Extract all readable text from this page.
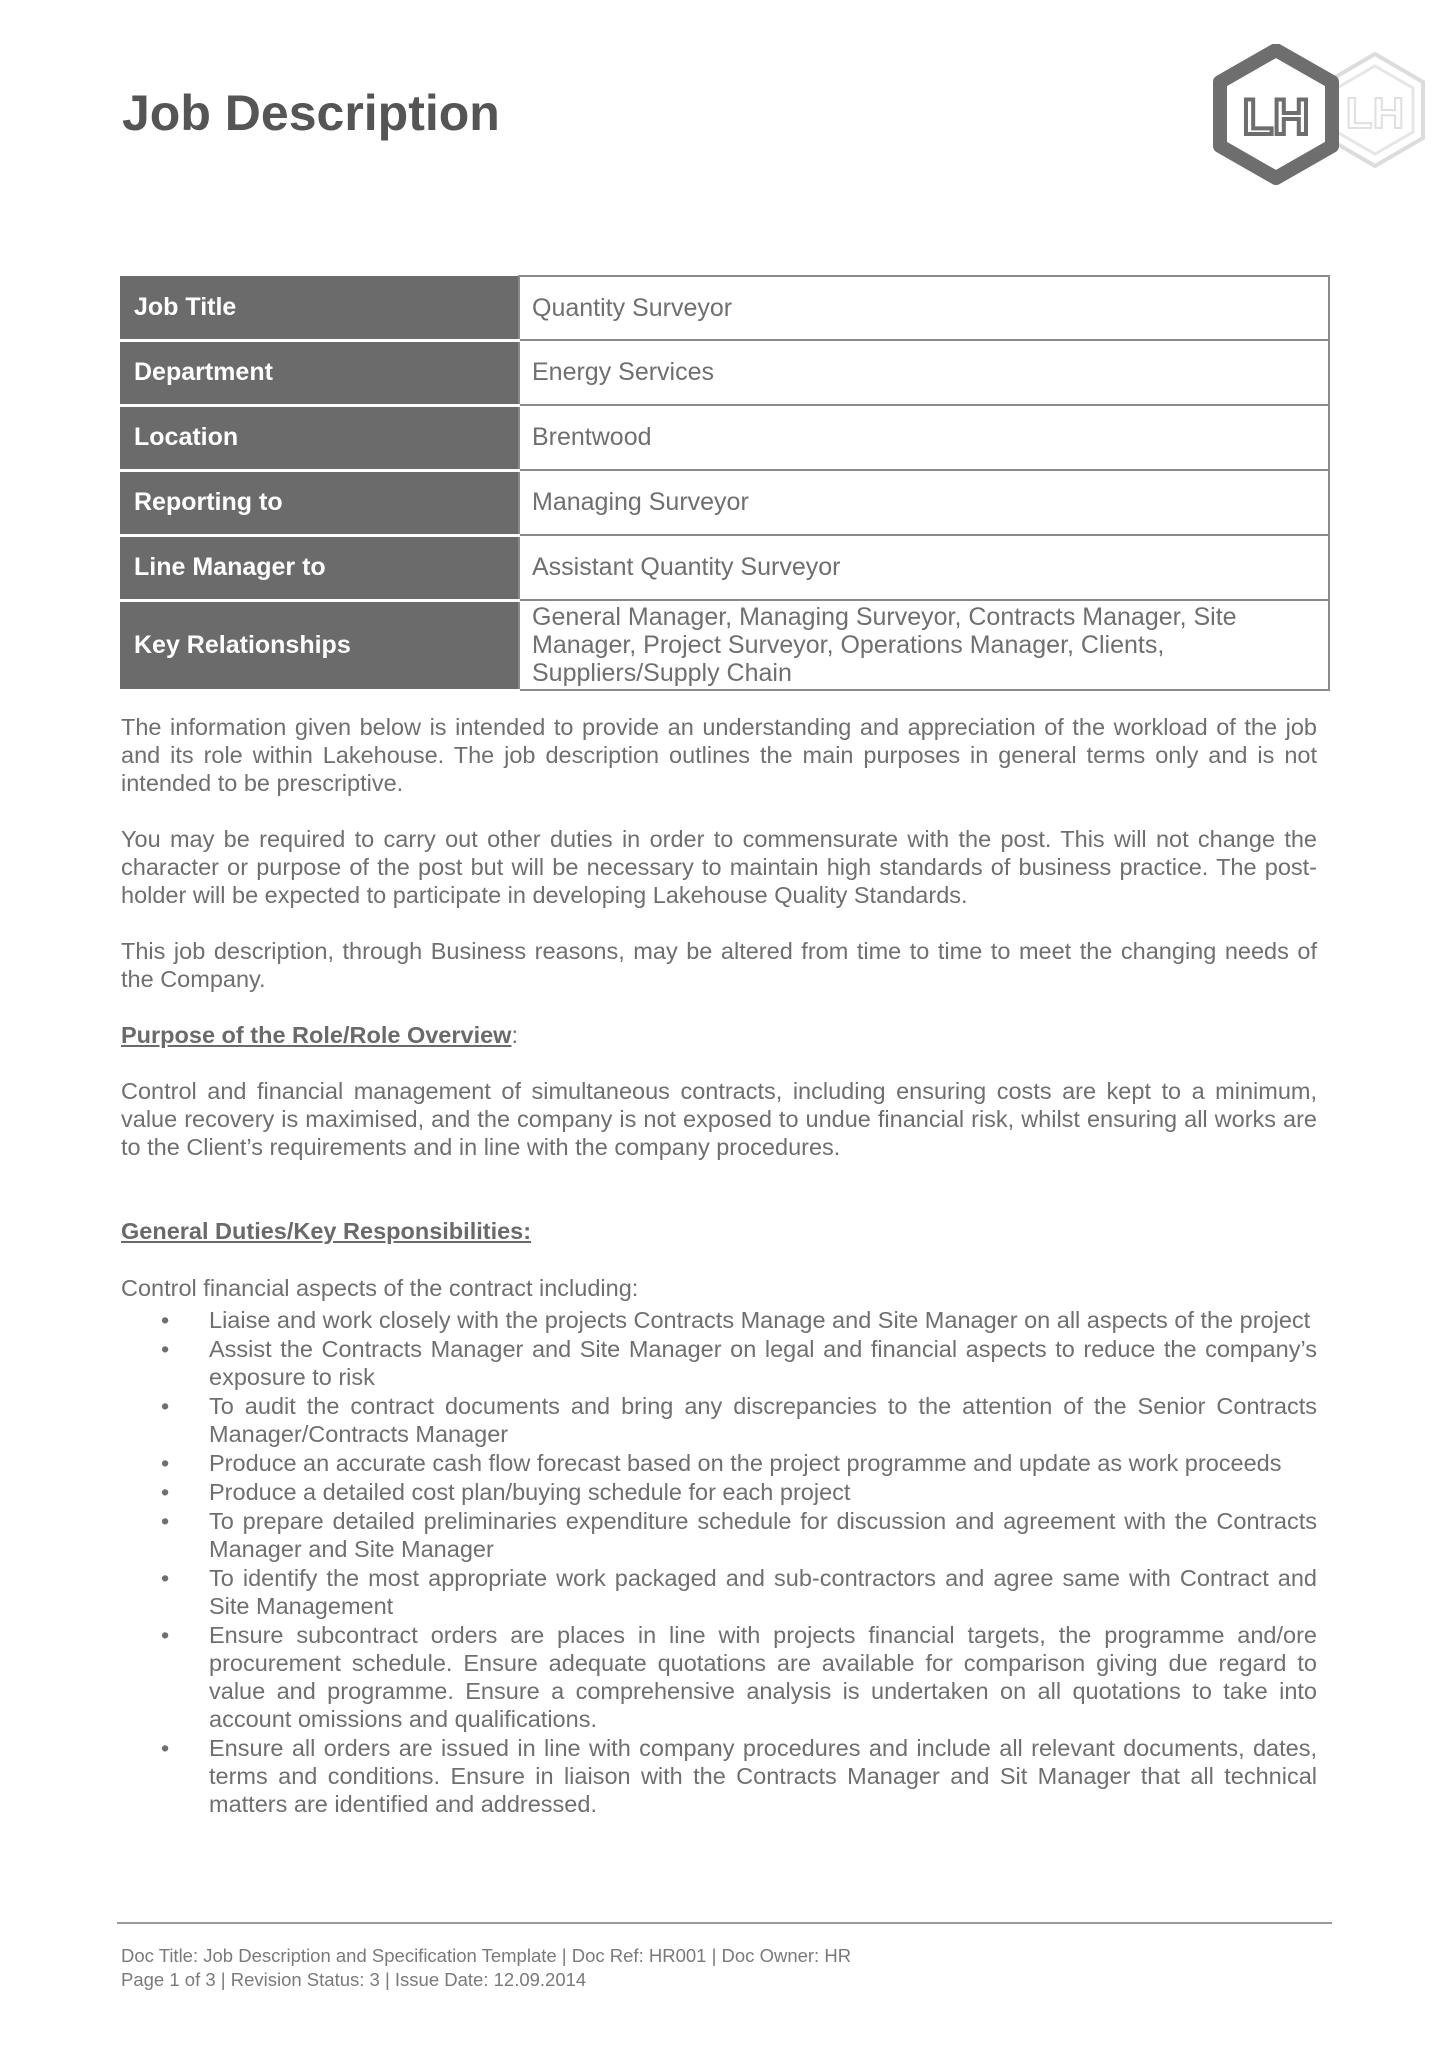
Job Description	LH
LH
Job Title	Quantity Surveyor
Department	Energy Services
Location	Brentwood
Reporting to	Managing Surveyor
Line Manager to	Assistant Quantity Surveyor
Key Relationships	General Manager, Managing Surveyor, Contracts Manager, Site Manager, Project Surveyor, Operations Manager, Clients, Suppliers/Supply Chain

The information given below is intended to provide an understanding and appreciation of the workload of the job and its role within Lakehouse. The job description outlines the main purposes in general terms only and is not intended to be prescriptive.

You may be required to carry out other duties in order to commensurate with the post. This will not change the character or purpose of the post but will be necessary to maintain high standards of business practice. The post-holder will be expected to participate in developing Lakehouse Quality Standards.

This job description, through Business reasons, may be altered from time to time to meet the changing needs of the Company.

Purpose of the Role/Role Overview:

Control and financial management of simultaneous contracts, including ensuring costs are kept to a minimum, value recovery is maximised, and the company is not exposed to undue financial risk, whilst ensuring all works are to the Client’s requirements and in line with the company procedures.

General Duties/Key Responsibilities:

Control financial aspects of the contract including:

• Liaise and work closely with the projects Contracts Manage and Site Manager on all aspects of the project
• Assist the Contracts Manager and Site Manager on legal and financial aspects to reduce the company’s exposure to risk
• To audit the contract documents and bring any discrepancies to the attention of the Senior Contracts Manager/Contracts Manager
• Produce an accurate cash flow forecast based on the project programme and update as work proceeds
• Produce a detailed cost plan/buying schedule for each project
• To prepare detailed preliminaries expenditure schedule for discussion and agreement with the Contracts Manager and Site Manager
• To identify the most appropriate work packaged and sub-contractors and agree same with Contract and Site Management
• Ensure subcontract orders are places in line with projects financial targets, the programme and/ore procurement schedule. Ensure adequate quotations are available for comparison giving due regard to value and programme. Ensure a comprehensive analysis is undertaken on all quotations to take into account omissions and qualifications.
• Ensure all orders are issued in line with company procedures and include all relevant documents, dates, terms and conditions. Ensure in liaison with the Contracts Manager and Sit Manager that all technical matters are identified and addressed.
Doc Title: Job Description and Specification Template | Doc Ref: HR001 | Doc Owner: HR
Page 1 of 3 | Revision Status: 3 | Issue Date: 12.09.2014
